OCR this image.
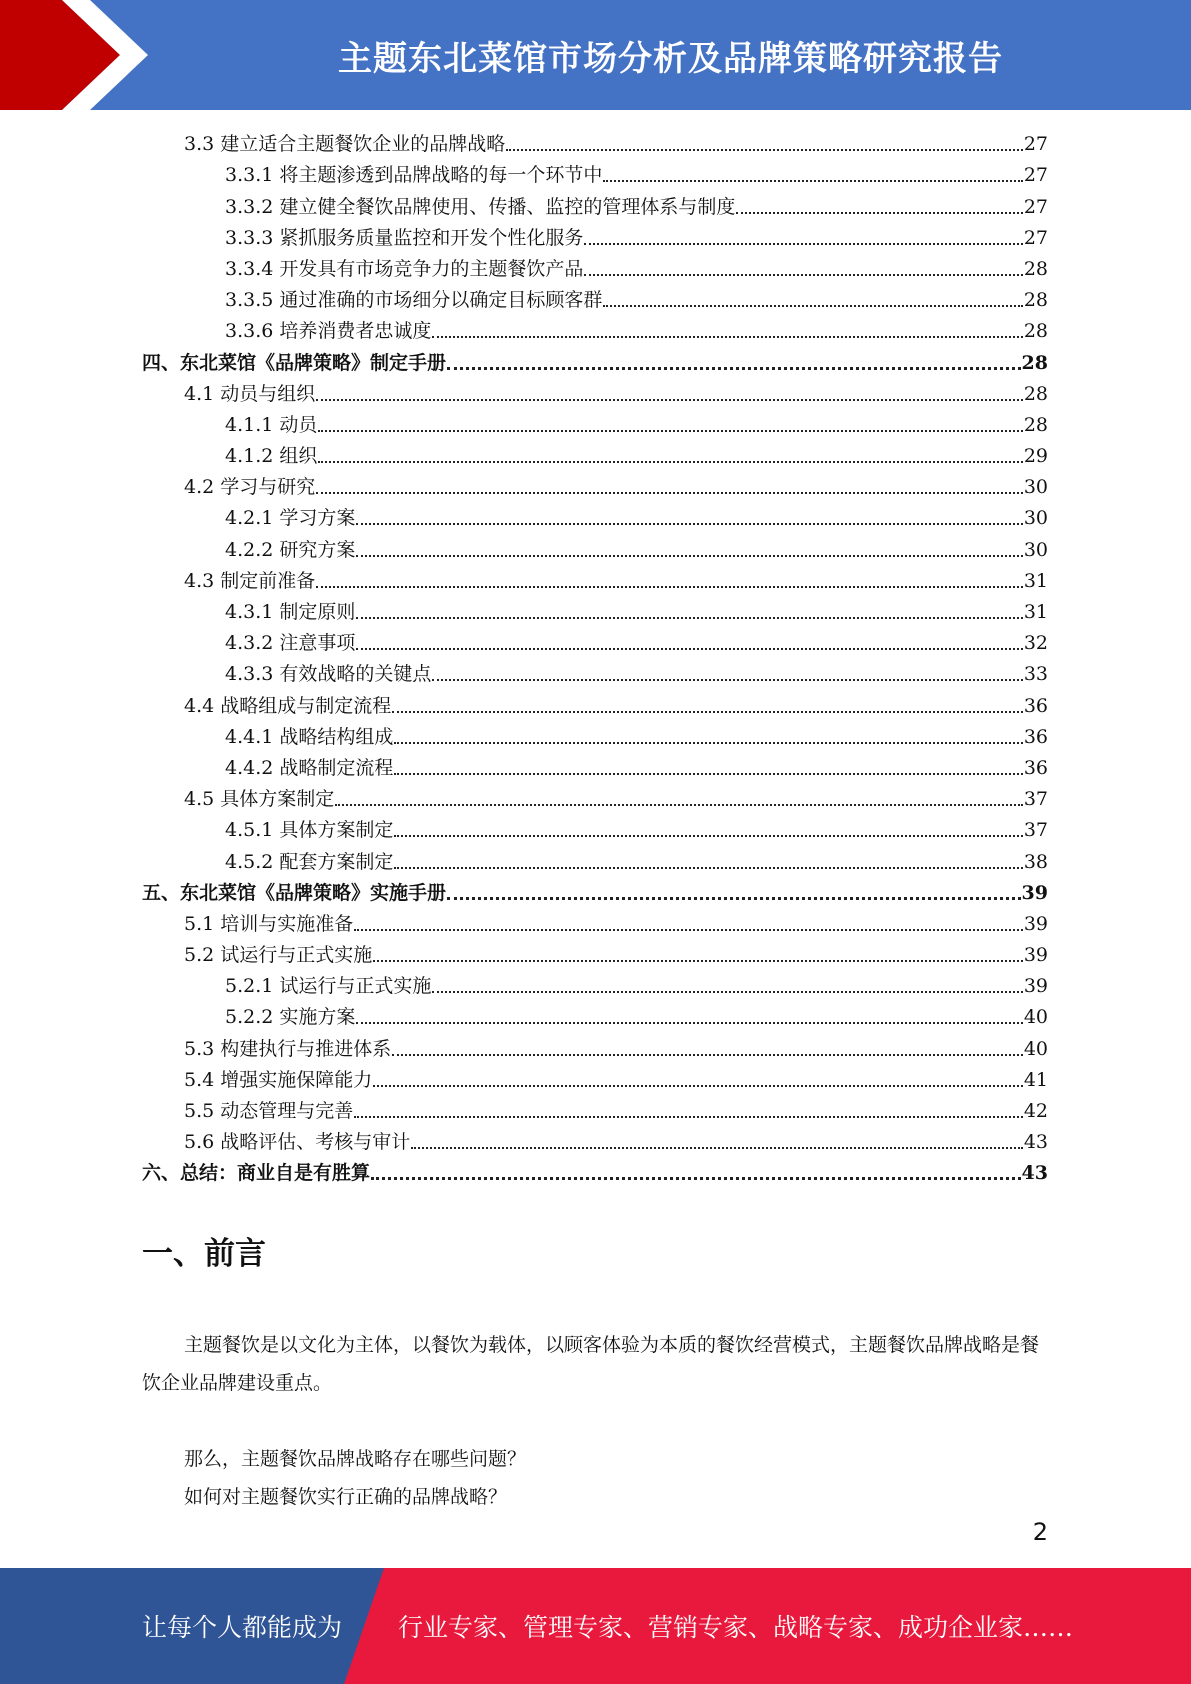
主题东北菜馆市场分析及品牌策略研究报告
3.3 建立适合主题餐饮企业的品牌战略	27
3.3.1 将主题渗透到品牌战略的每一个环节中	27
3.3.2 建立健全餐饮品牌使用、传播、监控的管理体系与制度	27
3.3.3 紧抓服务质量监控和开发个性化服务	27
3.3.4 开发具有市场竞争力的主题餐饮产品	28
3.3.5 通过准确的市场细分以确定目标顾客群	28
3.3.6 培养消费者忠诚度	28
四、东北菜馆《品牌策略》制定手册	28
4.1 动员与组织	28
4.1.1 动员	28
4.1.2 组织	29
4.2 学习与研究	30
4.2.1 学习方案	30
4.2.2 研究方案	30
4.3 制定前准备	31
4.3.1 制定原则	31
4.3.2 注意事项	32
4.3.3 有效战略的关键点	33
4.4 战略组成与制定流程	36
4.4.1 战略结构组成	36
4.4.2 战略制定流程	36
4.5 具体方案制定	37
4.5.1 具体方案制定	37
4.5.2 配套方案制定	38
五、东北菜馆《品牌策略》实施手册	39
5.1 培训与实施准备	39
5.2 试运行与正式实施	39
5.2.1 试运行与正式实施	39
5.2.2 实施方案	40
5.3 构建执行与推进体系	40
5.4 增强实施保障能力	41
5.5 动态管理与完善	42
5.6 战略评估、考核与审计	43
六、总结：商业自是有胜算	43
一、前言
主题餐饮是以文化为主体，以餐饮为载体，以顾客体验为本质的餐饮经营模式，主题餐饮品牌战略是餐饮企业品牌建设重点。
那么，主题餐饮品牌战略存在哪些问题？
如何对主题餐饮实行正确的品牌战略？
2
让每个人都能成为 行业专家、管理专家、营销专家、战略专家、成功企业家……
